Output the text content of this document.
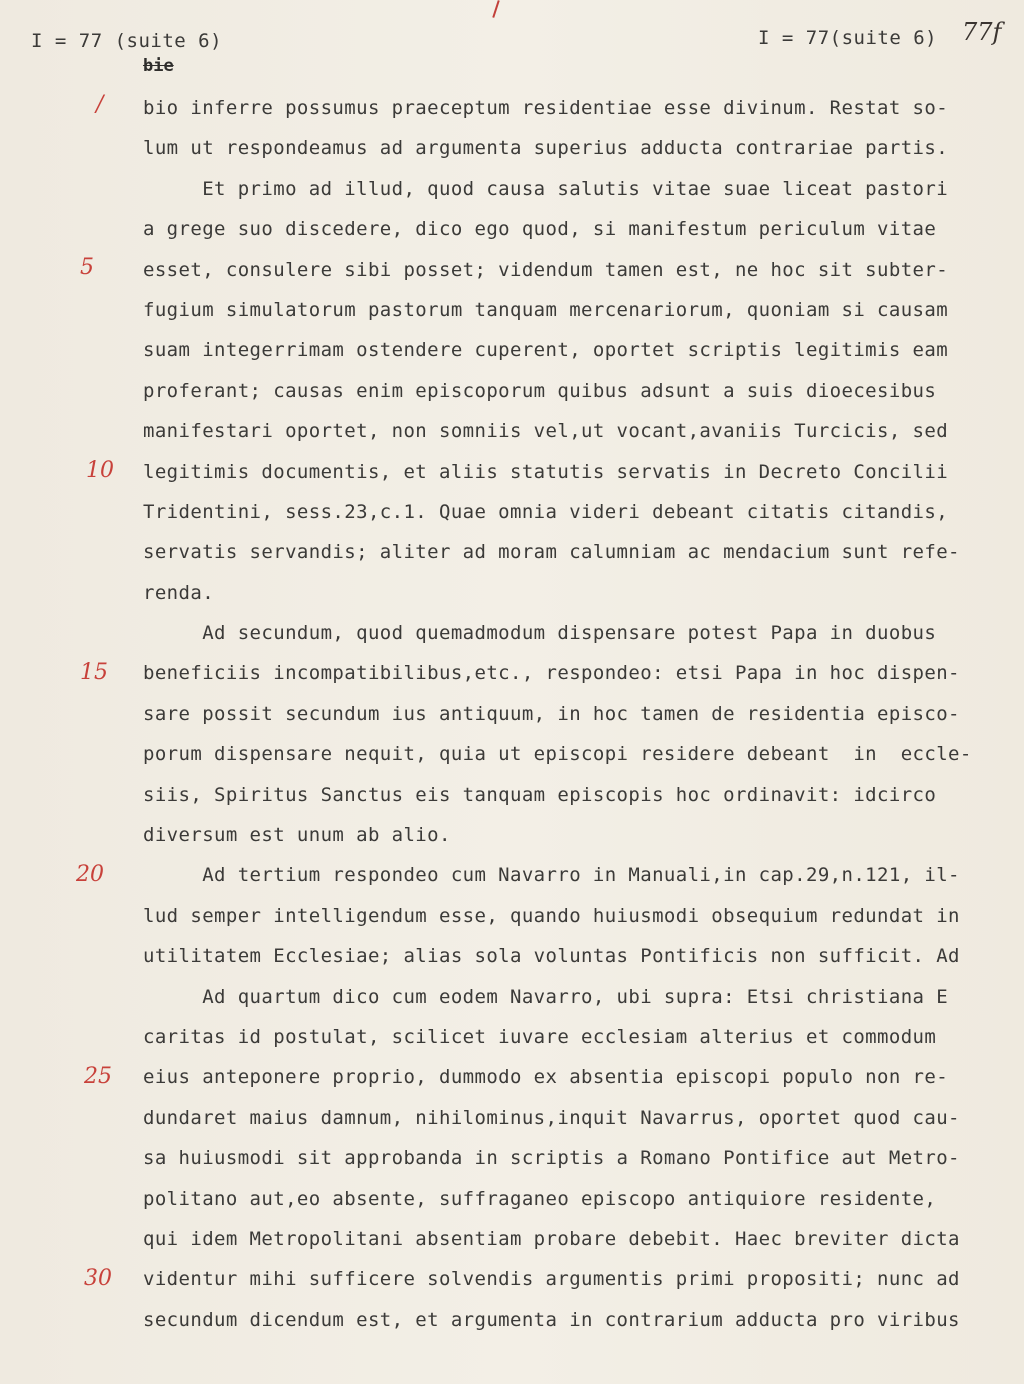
I = 77 (suite 6)	I = 77(suite 6)
bie
77f
/
5
10
15
20
25
30
bio inferre possumus praeceptum residentiae esse divinum. Restat so-
lum ut respondeamus ad argumenta superius adducta contrariae partis.
Et primo ad illud, quod causa salutis vitae suae liceat pastori
a grege suo discedere, dico ego quod, si manifestum periculum vitae
esset, consulere sibi posset; videndum tamen est, ne hoc sit subter-
fugium simulatorum pastorum tanquam mercenariorum, quoniam si causam
suam integerrimam ostendere cuperent, oportet scriptis legitimis eam
proferant; causas enim episcoporum quibus adsunt a suis dioecesibus
manifestari oportet, non somniis vel,ut vocant,avaniis Turcicis, sed
legitimis documentis, et aliis statutis servatis in Decreto Concilii
Tridentini, sess.23,c.1. Quae omnia videri debeant citatis citandis,
servatis servandis; aliter ad moram calumniam ac mendacium sunt refe-
renda.
Ad secundum, quod quemadmodum dispensare potest Papa in duobus
beneficiis incompatibilibus,etc., respondeo: etsi Papa in hoc dispen-
sare possit secundum ius antiquum, in hoc tamen de residentia episco-
porum dispensare nequit, quia ut episcopi residere debeant  in  eccle-
siis, Spiritus Sanctus eis tanquam episcopis hoc ordinavit: idcirco
diversum est unum ab alio.
Ad tertium respondeo cum Navarro in Manuali,in cap.29,n.121, il-
lud semper intelligendum esse, quando huiusmodi obsequium redundat in
utilitatem Ecclesiae; alias sola voluntas Pontificis non sufficit. Ad
Ad quartum dico cum eodem Navarro, ubi supra: Etsi christiana E
caritas id postulat, scilicet iuvare ecclesiam alterius et commodum
eius anteponere proprio, dummodo ex absentia episcopi populo non re-
dundaret maius damnum, nihilominus,inquit Navarrus, oportet quod cau-
sa huiusmodi sit approbanda in scriptis a Romano Pontifice aut Metro-
politano aut,eo absente, suffraganeo episcopo antiquiore residente,
qui idem Metropolitani absentiam probare debebit. Haec breviter dicta
videntur mihi sufficere solvendis argumentis primi propositi; nunc ad
secundum dicendum est, et argumenta in contrarium adducta pro viribus
